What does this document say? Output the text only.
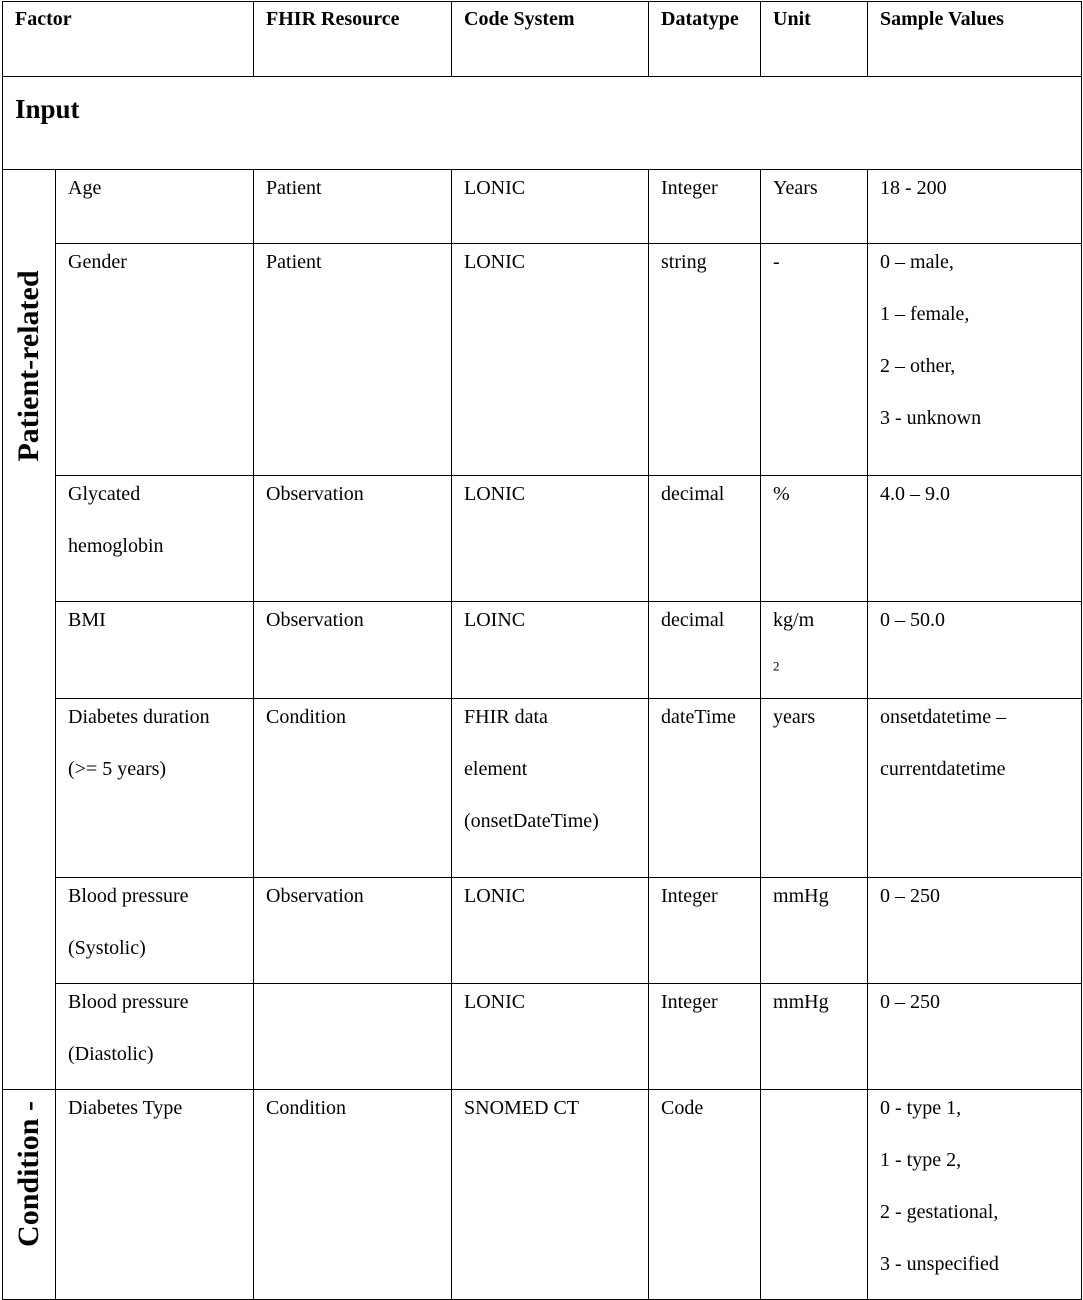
Factor		FHIR Resource	Code System	Datatype	Unit	Sample Values
Input						

Patient-related	Age	Patient	LONIC	Integer	Years	18 - 200

	Gender	Patient	LONIC	string	-	0 – male,
1 – female,
2 – other,
3 - unknown

	Glycated
hemoglobin	Observation	LONIC	decimal	%	4.0 – 9.0

	BMI	Observation	LOINC	decimal	kg/m
$^2$	0 – 50.0

	Diabetes duration
(>= 5 years)	Condition	FHIR data
element
(onsetDateTime)	dateTime	years	onsetdatetime –
currentdatetime

	Blood pressure
(Systolic)	Observation	LONIC	Integer	mmHg	0 – 250

	Blood pressure
(Diastolic)		LONIC	Integer	mmHg	0 – 250

Condition -	Diabetes Type	Condition	SNOMED CT	Code		0 - type 1,
1 - type 2,
2 - gestational,
3 - unspecified
